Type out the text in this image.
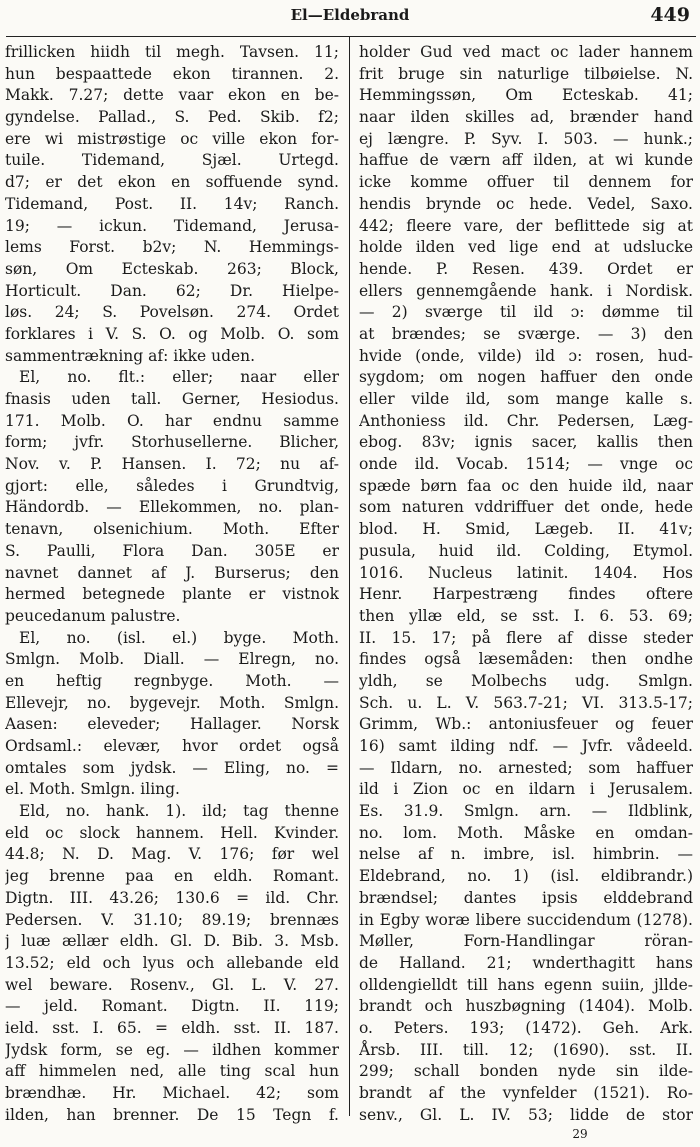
El—Eldebrand	449
frillicken hiidh til megh. Tavsen. 11;
hun bespaattede ekon tirannen. 2.
Makk. 7.27; dette vaar ekon en be-
gyndelse. Pallad., S. Ped. Skib. f2;
ere wi mistrøstige oc ville ekon for-
tuile. Tidemand, Sjæl. Urtegd.
d7; er det ekon en soffuende synd.
Tidemand, Post. II. 14v; Ranch.
19; — ickun. Tidemand, Jerusa-
lems Forst. b2v; N. Hemmings-
søn, Om Ecteskab. 263; Block,
Horticult. Dan. 62; Dr. Hielpe-
løs. 24; S. Povelsøn. 274. Ordet
forklares i V. S. O. og Molb. O. som
sammentrækning af: ikke uden.
El, no. flt.: eller; naar eller
fnasis uden tall. Gerner, Hesiodus.
171. Molb. O. har endnu samme
form; jvfr. Storhusellerne. Blicher,
Nov. v. P. Hansen. I. 72; nu af-
gjort: elle, således i Grundtvig,
Händordb. — Ellekommen, no. plan-
tenavn, olsenichium. Moth. Efter
S. Paulli, Flora Dan. 305E er
navnet dannet af J. Burserus; den
hermed betegnede plante er vistnok
peucedanum palustre.
El, no. (isl. el.) byge. Moth.
Smlgn. Molb. Diall. — Elregn, no.
en heftig regnbyge. Moth. —
Ellevejr, no. bygevejr. Moth. Smlgn.
Aasen: eleveder; Hallager. Norsk
Ordsaml.: elevær, hvor ordet også
omtales som jydsk. — Eling, no. =
el. Moth. Smlgn. iling.
Eld, no. hank. 1). ild; tag thenne
eld oc slock hannem. Hell. Kvinder.
44.8; N. D. Mag. V. 176; før wel
jeg brenne paa en eldh. Romant.
Digtn. III. 43.26; 130.6 = ild. Chr.
Pedersen. V. 31.10; 89.19; brennæs
j luæ ællær eldh. Gl. D. Bib. 3. Msb.
13.52; eld och lyus och allebande eld
wel beware. Rosenv., Gl. L. V. 27.
— jeld. Romant. Digtn. II. 119;
ield. sst. I. 65. = eldh. sst. II. 187.
Jydsk form, se eg. — ildhen kommer
aff himmelen ned, alle ting scal hun
brændhæ. Hr. Michael. 42; som
ilden, han brenner. De 15 Tegn f.
holder Gud ved mact oc lader hannem
frit bruge sin naturlige tilbøielse. N.
Hemmingssøn, Om Ecteskab. 41;
naar ilden skilles ad, brænder hand
ej længre. P. Syv. I. 503. — hunk.;
haffue de værn aff ilden, at wi kunde
icke komme offuer til dennem for
hendis brynde oc hede. Vedel, Saxo.
442; fleere vare, der beflittede sig at
holde ilden ved lige end at udslucke
hende. P. Resen. 439. Ordet er
ellers gennemgående hank. i Nordisk.
— 2) sværge til ild ɔ: dømme til
at brændes; se sværge. — 3) den
hvide (onde, vilde) ild ɔ: rosen, hud-
sygdom; om nogen haffuer den onde
eller vilde ild, som mange kalle s.
Anthoniess ild. Chr. Pedersen, Læg-
ebog. 83v; ignis sacer, kallis then
onde ild. Vocab. 1514; — vnge oc
spæde børn faa oc den huide ild, naar
som naturen vddriffuer det onde, hede
blod. H. Smid, Lægeb. II. 41v;
pusula, huid ild. Colding, Etymol.
1016. Nucleus latinit. 1404. Hos
Henr. Harpestræng findes oftere
then yllæ eld, se sst. I. 6. 53. 69;
II. 15. 17; på flere af disse steder
findes også læsemåden: then ondhe
yldh, se Molbechs udg. Smlgn.
Sch. u. L. V. 563.7-21; VI. 313.5-17;
Grimm, Wb.: antoniusfeuer og feuer
16) samt ilding ndf. — Jvfr. vådeeld.
— Ildarn, no. arnested; som haffuer
ild i Zion oc en ildarn i Jerusalem.
Es. 31.9. Smlgn. arn. — Ildblink,
no. lom. Moth. Måske en omdan-
nelse af n. imbre, isl. himbrin. —
Eldebrand, no. 1) (isl. eldibrandr.)
brændsel; dantes ipsis elddebrand
in Egby woræ libere succidendum (1278).
Møller, Forn-Handlingar röran-
de Halland. 21; wnderthagitt hans
olldengielldt till hans egenn suiin, jllde-
brandt och huszbøgning (1404). Molb.
o. Peters. 193; (1472). Geh. Ark.
Årsb. III. till. 12; (1690). sst. II.
299; schall bonden nyde sin ilde-
brandt af the vynfelder (1521). Ro-
senv., Gl. L. IV. 53; lidde de stor
29
